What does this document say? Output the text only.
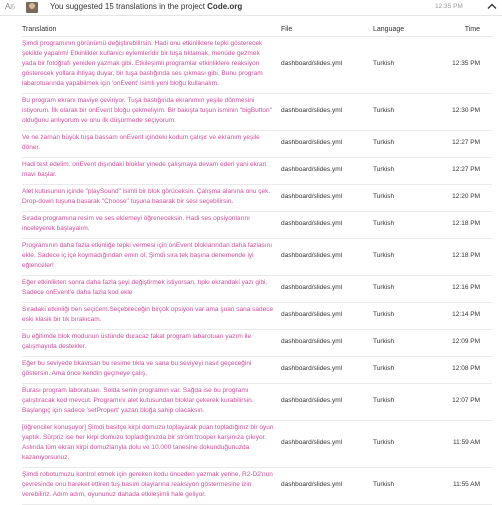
Aあ	You suggested 15 translations in the project Code.org	12:35 PM
Translation	File	Language	Time
Şimdi programının görünümü değiştirebilirsin. Hadi onu etkinliklere tepki gösterecek şekilde yapalım! Etkinlikler kullanıcı eylemleridir bir tuşa tıklamak, menüde gezmek yada bir fotoğrafı yeniden yazmak gibi. Etkileşimli programlar etkinliklere reaksiyon gösterecek yollara ihtiyaç duyar, bir tuşa bastığında ses çıkması gibi. Bunu program labarotuarında yapabilmek için 'onEvent' isimli yeni bloğu kullanalım.	dashboard/slides.yml	Turkish	12:35 PM
Bu program ekranı maviye çeviriyor. Tuşa bastığında ekranımın yeşile dönmesini istiyorum. İlk olarak bir onEvent bloğu çekmeliyim. Bir bakışta tuşun isminin "bigButton" olduğunu anlıyorum ve onu ilk düşürmede seçiyorum.	dashboard/slides.yml	Turkish	12:30 PM
Ve ne zaman büyük tuşa bassam onEvent içindeki kodum çalışır ve ekranım yeşile döner.	dashboard/slides.yml	Turkish	12:27 PM
Hadi test edelim. onEvent dışındaki bloklar yinede çalışmaya devam ederi yani ekran mavi başlar.	dashboard/slides.yml	Turkish	12:27 PM
Alet kutusunun içinde "playSound" isimli bir blok görüceksin. Çalışma alanına onu çek. Drop-down tuşuna basarak "Choose" tuşuna basarak bir sesi seçebilirsin.	dashboard/slides.yml	Turkish	12:20 PM
Sırada programına resim ve ses eklemeyi öğreneceksin. Hadi ses opsiyonlarını inceleyerek başlayalım.	dashboard/slides.yml	Turkish	12:18 PM
Programının daha fazla etkinliğe tepki vermesi için onEvent bloklarından daha fazlasını ekle. Sadece iç içe koymadığından emin ol. Şimdi sıra tek başına denemende iyi eğlenceler!	dashboard/slides.yml	Turkish	12:18 PM
Eğer etkinlikten sonra daha fazla şeyi değiştirmek istiyorsan, tıpkı ekrandaki yazı gibi. Sadece onEvent'e daha fazla kod ekle	dashboard/slides.yml	Turkish	12:16 PM
Sıradaki etkinliği ben seçicem.Seçebileceğin birçok opsiyon var ama şuan sana sadece eski klasik bir tık bırakıcam.	dashboard/slides.yml	Turkish	12:14 PM
Bu eğitimde blok modunun üstünde duracaz fakat program labarotuarı yazım ile çalışmayıda destekler.	dashboard/slides.yml	Turkish	12:09 PM
Eğer bu seviyede bkavrsan bu resime tıkla ve sana bu seviyeyi nasıl geçeceğini göstersin. Ama önce kendin geçmeye çalış.	dashboard/slides.yml	Turkish	12:08 PM
Burası program laboratuarı. Solda senin programın var. Sağda ise bu programı çalıştıracak kod mevcut. Programını alet kutusundan bloklar çekerek kurabilirsin. Başlangıç için sadece 'setPropert' yazan bloğa sahip olacaksın.	dashboard/slides.yml	Turkish	12:07 PM
[öğrenciler konuşuyor] Şimdi basitçe kirpi domuzu toplayarak puan topladığınız bir oyun yaptık. Sürpriz ise her kirpi domuzu topladığınızda bir strom trooper karşınıza çıkıyor. Aslında tüm ekran kirpi domuzlarıyla dolu ve 10.000 tanesine dokunduğunuzda kazanıyorsunuz.	dashboard/slides.yml	Turkish	11:59 AM
Şimdi robotumuzu kontrol etmek için gereken kodu önceden yazmak yerine, R2-D2'nun çevresinde onu hareket ettiren tuş basım olaylarına reaksiyon göstermesine izin verebiliriz. Adım adım, oyununuz dahada etkileşimli hale geliyor.	dashboard/slides.yml	Turkish	11:55 AM
